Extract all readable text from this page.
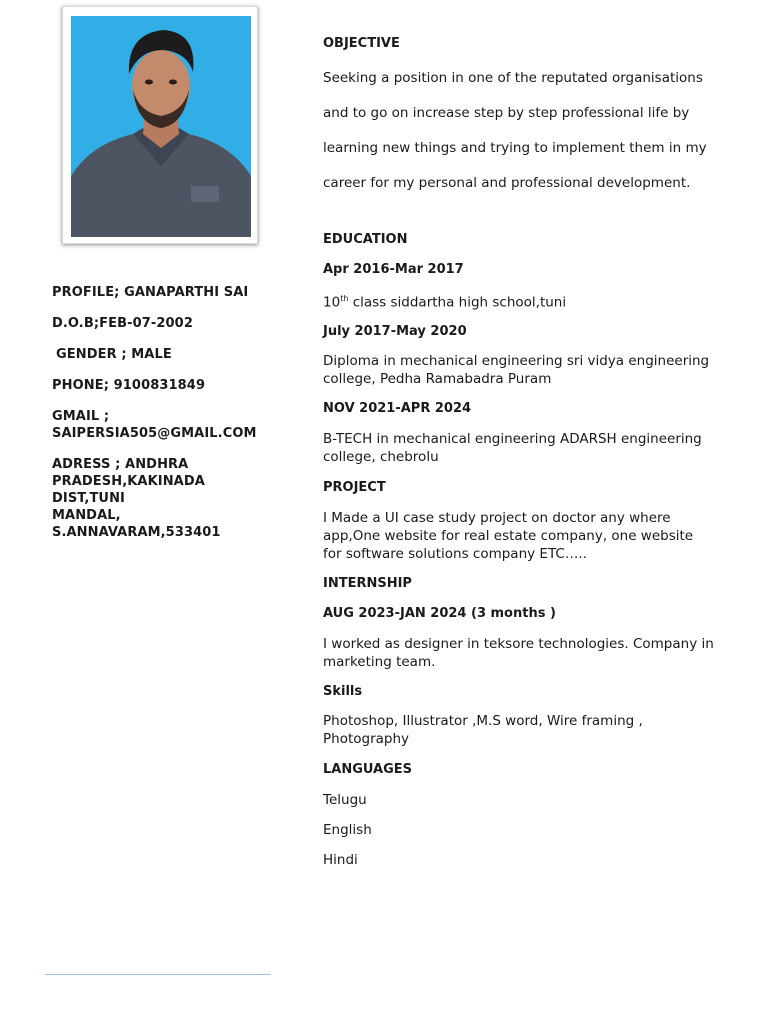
PROFILE; GANAPARTHI SAI

D.O.B;FEB-07-2002

GENDER ; MALE

PHONE; 9100831849

GMAIL ;
SAIPERSIA505@GMAIL.COM

ADRESS ; ANDHRA
PRADESH,KAKINADA DIST,TUNI
MANDAL,
S.ANNAVARAM,533401

OBJECTIVE

Seeking a position in one of the reputated organisations

and to go on increase step by step professional life by

learning new things and trying to implement them in my

career for my personal and professional development.

EDUCATION

Apr 2016-Mar 2017

10th class siddartha high school,tuni

July 2017-May 2020

Diploma in mechanical engineering sri vidya engineering
college, Pedha Ramabadra Puram

NOV 2021-APR 2024

B-TECH in mechanical engineering ADARSH engineering
college, chebrolu

PROJECT

I Made a UI case study project on doctor any where
app,One website for real estate company, one website
for software solutions company ETC…..

INTERNSHIP

AUG 2023-JAN 2024 (3 months )

I worked as designer in teksore technologies. Company in
marketing team.

Skills

Photoshop, Illustrator ,M.S word, Wire framing ,
Photography

LANGUAGES

Telugu

English

Hindi
